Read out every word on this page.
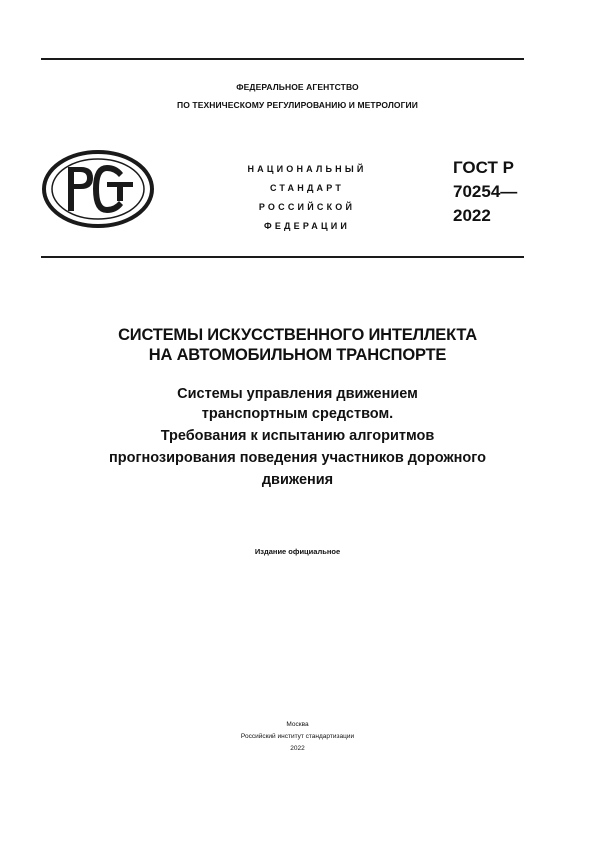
ФЕДЕРАЛЬНОЕ АГЕНТСТВО
ПО ТЕХНИЧЕСКОМУ РЕГУЛИРОВАНИЮ И МЕТРОЛОГИИ
НАЦИОНАЛЬНЫЙ
СТАНДАРТ
РОССИЙСКОЙ
ФЕДЕРАЦИИ
ГОСТ Р
70254—
2022
СИСТЕМЫ ИСКУССТВЕННОГО ИНТЕЛЛЕКТА
НА АВТОМОБИЛЬНОМ ТРАНСПОРТЕ
Системы управления движением
транспортным средством.
Требования к испытанию алгоритмов
прогнозирования поведения участников дорожного
движения
Издание официальное
Москва
Российский институт стандартизации
2022
